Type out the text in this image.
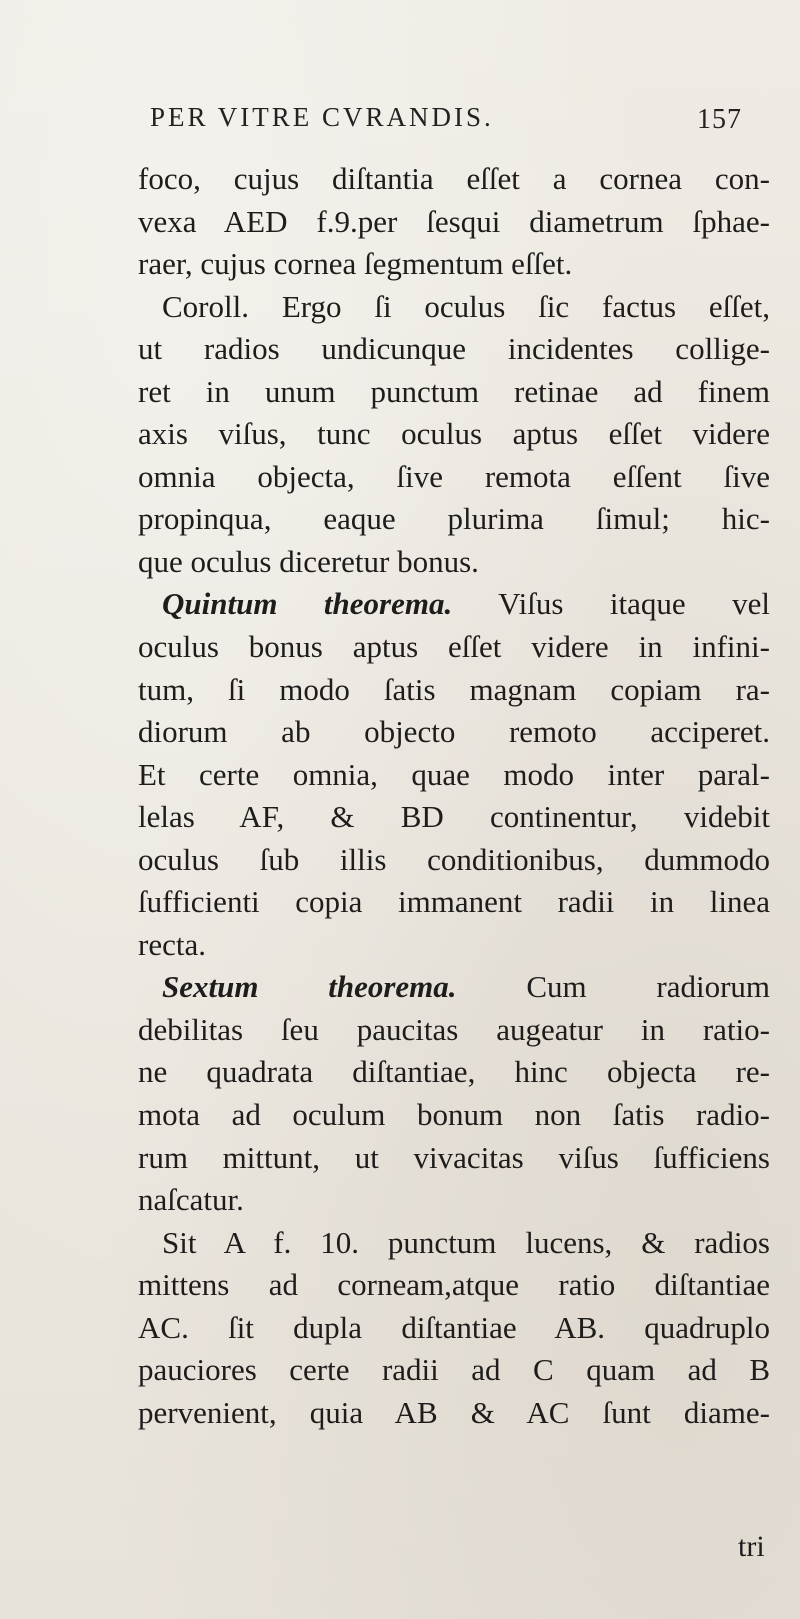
PER VITRE CVRANDIS.	157
foco, cujus diſtantia eſſet a cornea con-
vexa AED f.9.per ſesqui diametrum ſphae-
raer, cujus cornea ſegmentum eſſet.
Coroll. Ergo ſi oculus ſic factus eſſet,
ut radios undicunque incidentes collige-
ret in unum punctum retinae ad finem
axis viſus, tunc oculus aptus eſſet videre
omnia objecta, ſive remota eſſent ſive
propinqua, eaque plurima ſimul; hic-
que oculus diceretur bonus.
Quintum theorema. Viſus itaque vel
oculus bonus aptus eſſet videre in infini-
tum, ſi modo ſatis magnam copiam ra-
diorum ab objecto remoto acciperet.
Et certe omnia, quae modo inter paral-
lelas AF, & BD continentur, videbit
oculus ſub illis conditionibus, dummodo
ſufficienti copia immanent radii in linea
recta.
Sextum theorema. Cum radiorum
debilitas ſeu paucitas augeatur in ratio-
ne quadrata diſtantiae, hinc objecta re-
mota ad oculum bonum non ſatis radio-
rum mittunt, ut vivacitas viſus ſufficiens
naſcatur.
Sit A f. 10. punctum lucens, & radios
mittens ad corneam,atque ratio diſtantiae
AC. ſit dupla diſtantiae AB. quadruplo
pauciores certe radii ad C quam ad B
pervenient, quia AB & AC ſunt diame-
tri
